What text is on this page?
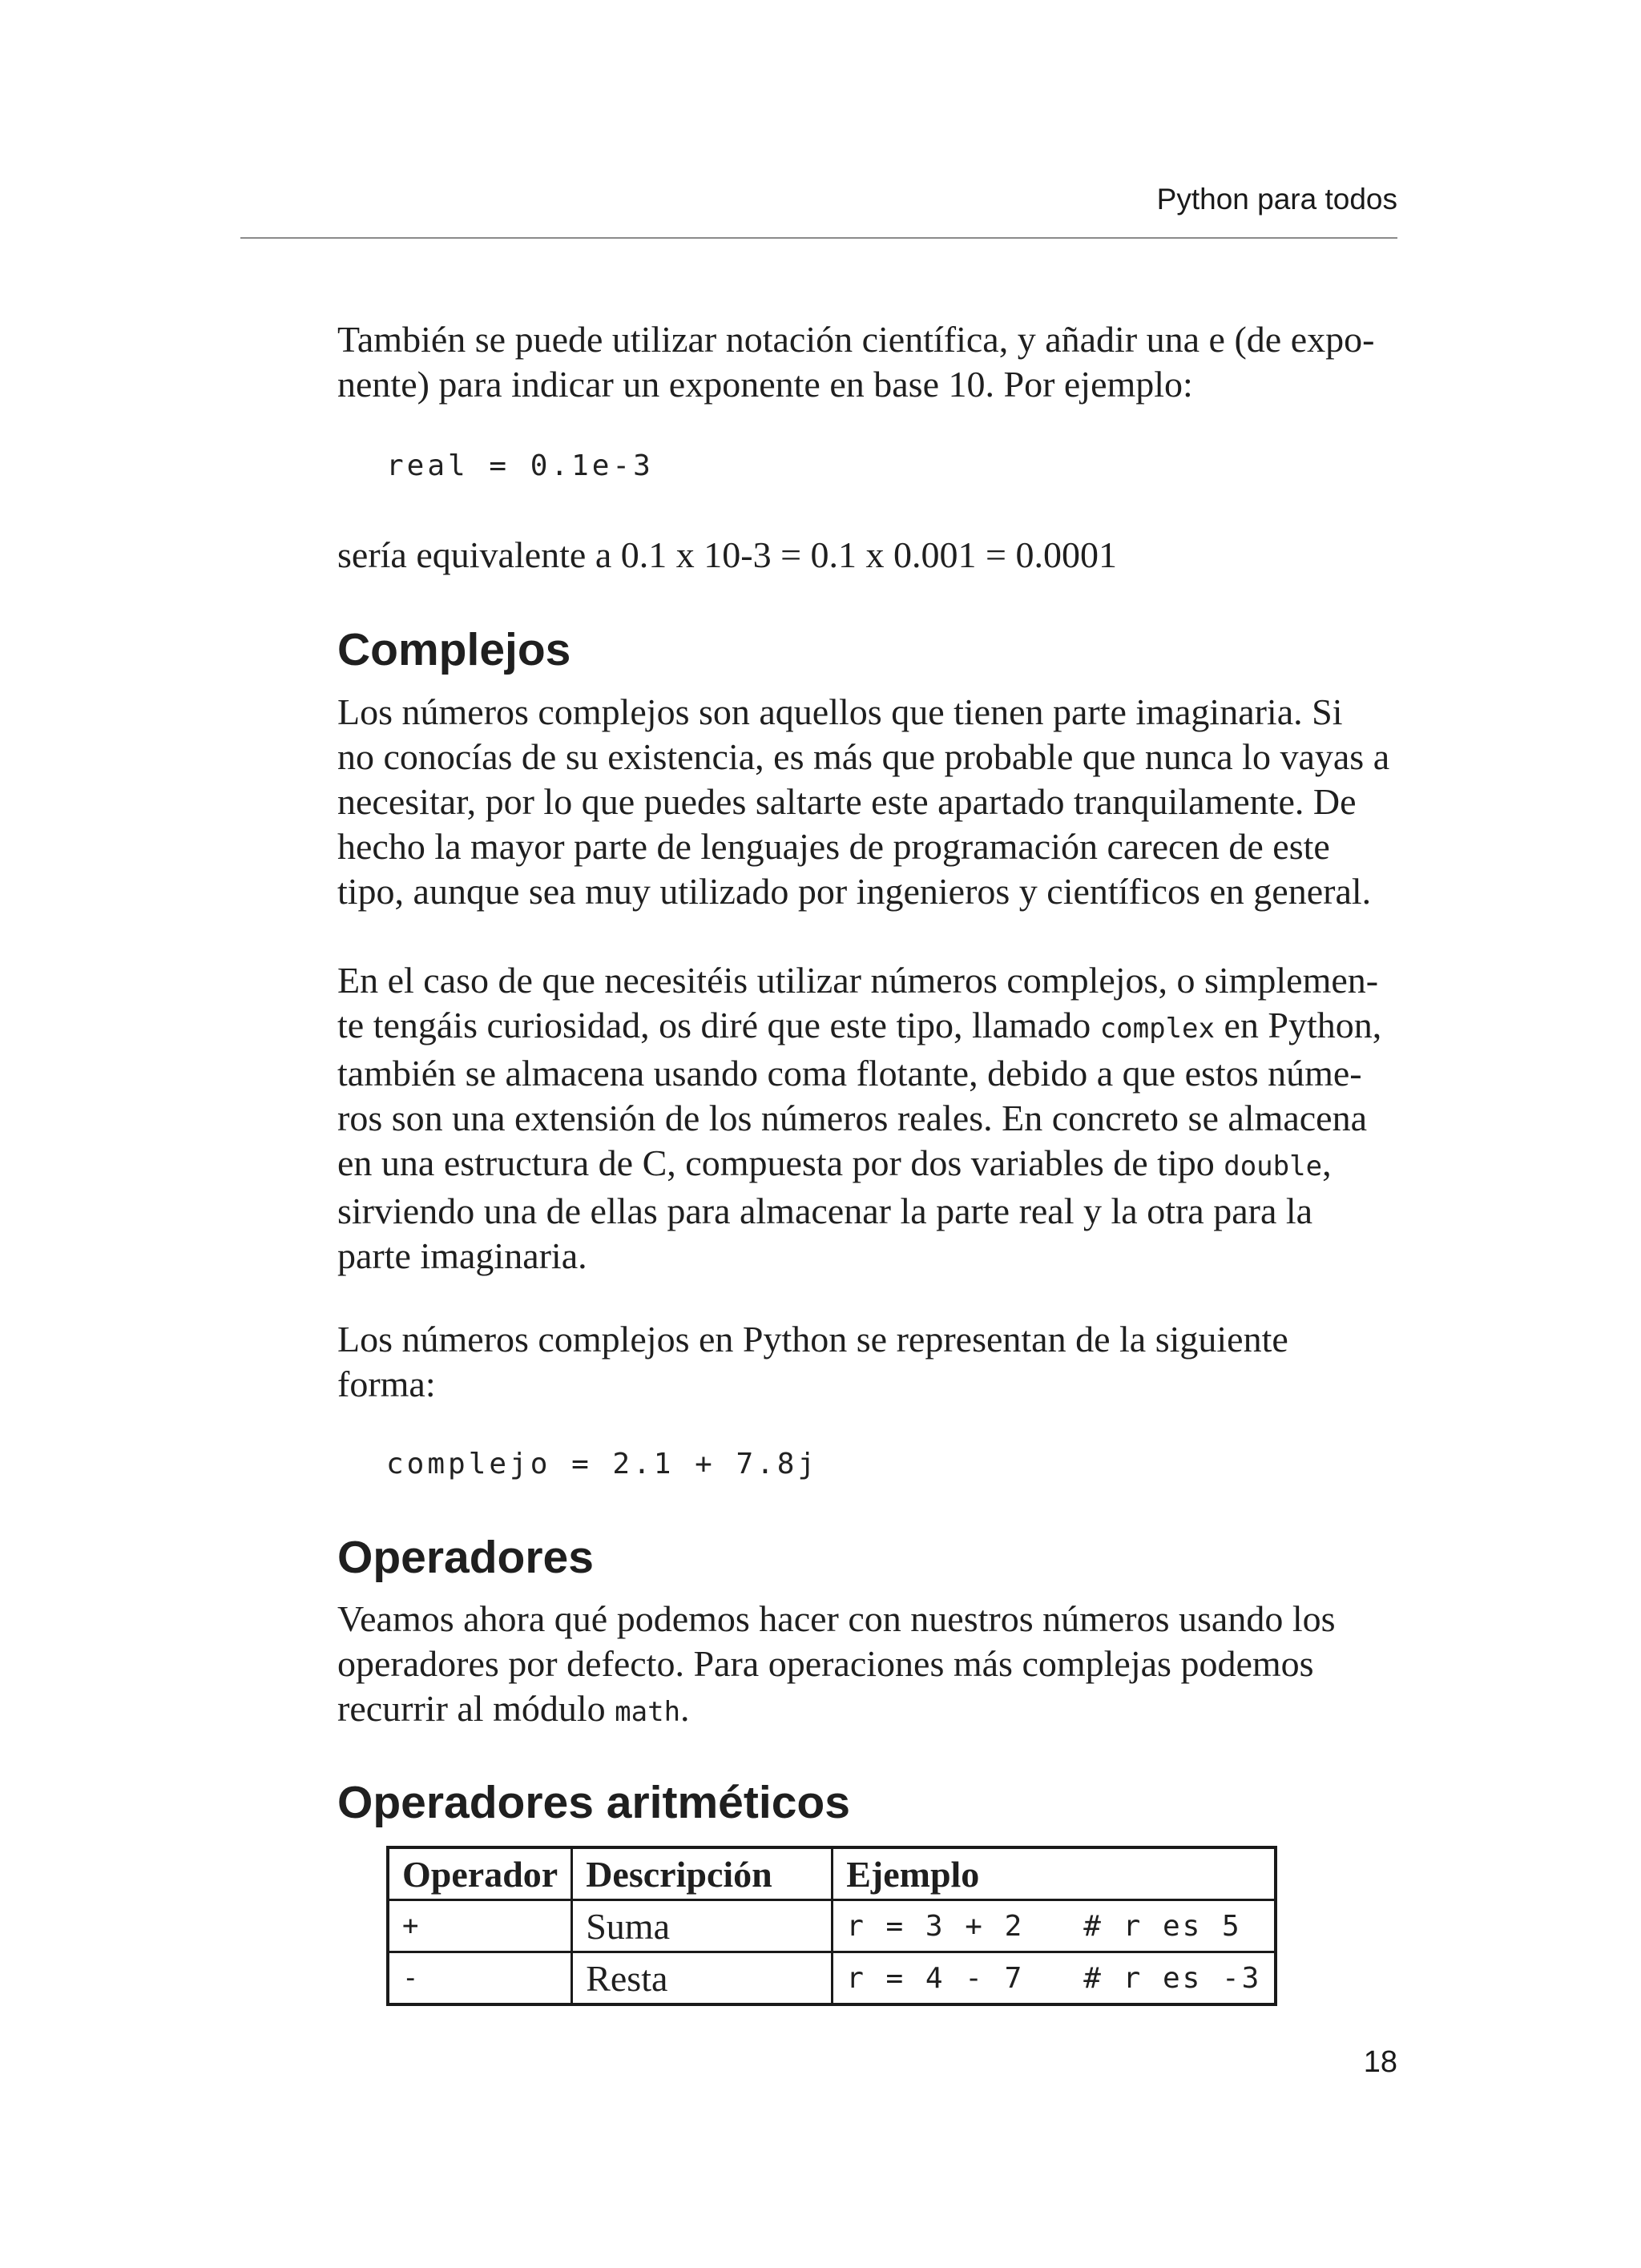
Python para todos

También se puede utilizar notación científica, y añadir una e (de expo-
nente) para indicar un exponente en base 10. Por ejemplo:

real = 0.1e-3

sería equivalente a 0.1 x 10-3 = 0.1 x 0.001 = 0.0001

Complejos

Los números complejos son aquellos que tienen parte imaginaria. Si
no conocías de su existencia, es más que probable que nunca lo vayas a
necesitar, por lo que puedes saltarte este apartado tranquilamente. De
hecho la mayor parte de lenguajes de programación carecen de este
tipo, aunque sea muy utilizado por ingenieros y científicos en general.

En el caso de que necesitéis utilizar números complejos, o simplemen-
te tengáis curiosidad, os diré que este tipo, llamado complex en Python,
también se almacena usando coma flotante, debido a que estos núme-
ros son una extensión de los números reales. En concreto se almacena
en una estructura de C, compuesta por dos variables de tipo double,
sirviendo una de ellas para almacenar la parte real y la otra para la
parte imaginaria.

Los números complejos en Python se representan de la siguiente
forma:

complejo = 2.1 + 7.8j
Operadores

Veamos ahora qué podemos hacer con nuestros números usando los
operadores por defecto. Para operaciones más complejas podemos
recurrir al módulo math.

Operadores aritméticos
Operador	Descripción	Ejemplo
+	Suma	r = 3 + 2   # r es 5
-	Resta	r = 4 - 7   # r es -3
18
